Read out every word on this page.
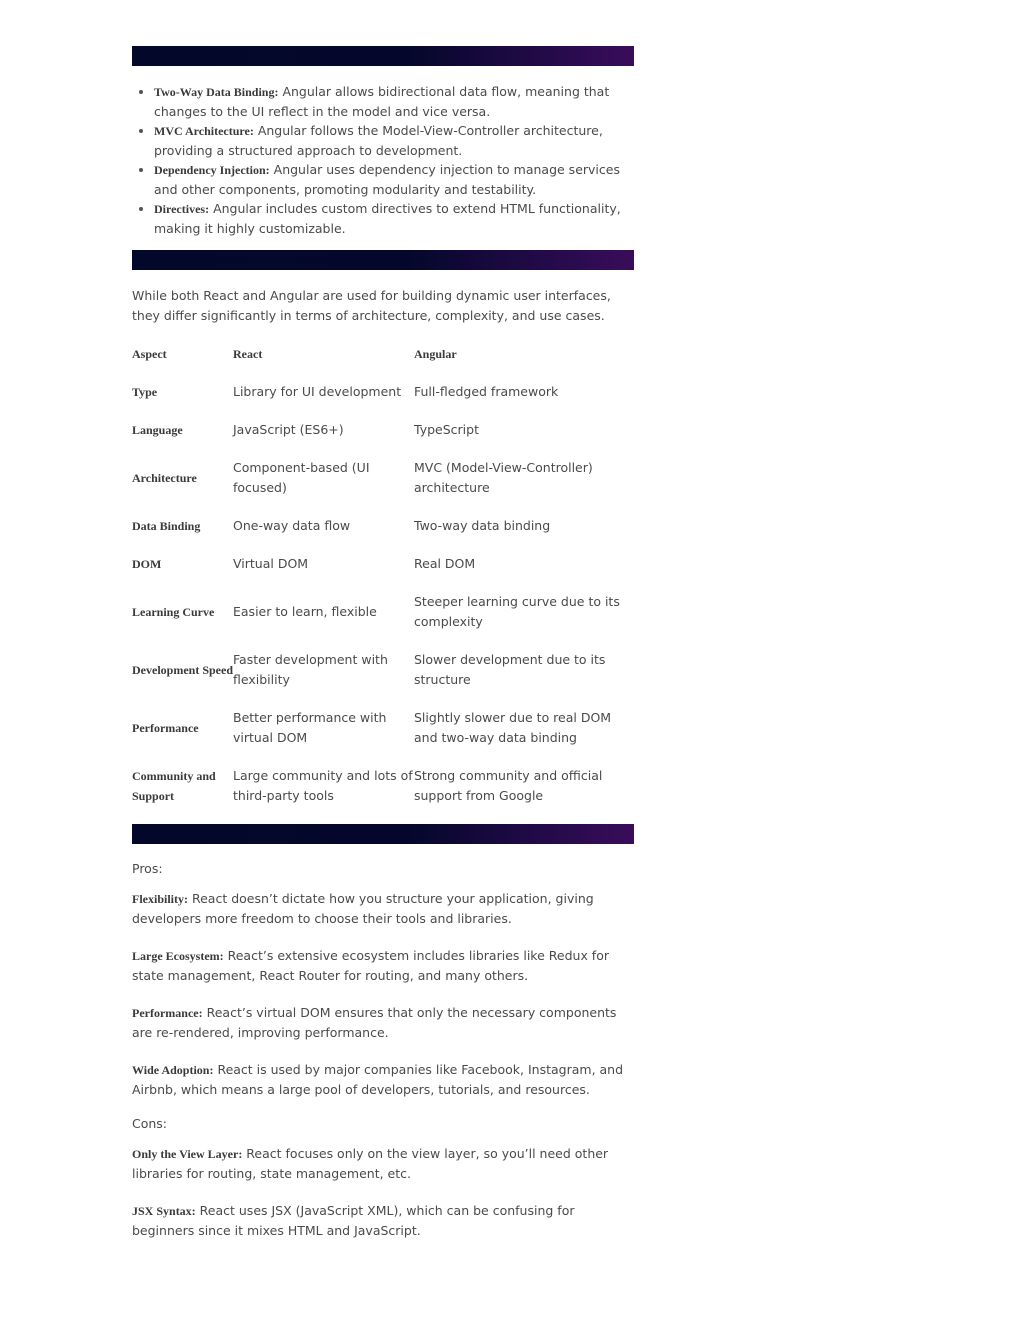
• Two-Way Data Binding: Angular allows bidirectional data flow, meaning that changes to the UI reflect in the model and vice versa.
• MVC Architecture: Angular follows the Model-View-Controller architecture, providing a structured approach to development.
• Dependency Injection: Angular uses dependency injection to manage services and other components, promoting modularity and testability.
• Directives: Angular includes custom directives to extend HTML functionality, making it highly customizable.

While both React and Angular are used for building dynamic user interfaces, they differ significantly in terms of architecture, complexity, and use cases.

Aspect	React	Angular
Type	Library for UI development	Full-fledged framework
Language	JavaScript (ES6+)	TypeScript
Architecture	Component-based (UI focused)	MVC (Model-View-Controller) architecture
Data Binding	One-way data flow	Two-way data binding
DOM	Virtual DOM	Real DOM
Learning Curve	Easier to learn, flexible	Steeper learning curve due to its complexity
Development Speed	Faster development with flexibility	Slower development due to its structure
Performance	Better performance with virtual DOM	Slightly slower due to real DOM and two-way data binding
Community and Support	Large community and lots of third-party tools	Strong community and official support from Google

Pros:

Flexibility: React doesn’t dictate how you structure your application, giving developers more freedom to choose their tools and libraries.

Large Ecosystem: React’s extensive ecosystem includes libraries like Redux for state management, React Router for routing, and many others.

Performance: React’s virtual DOM ensures that only the necessary components are re-rendered, improving performance.

Wide Adoption: React is used by major companies like Facebook, Instagram, and Airbnb, which means a large pool of developers, tutorials, and resources.

Cons:

Only the View Layer: React focuses only on the view layer, so you’ll need other libraries for routing, state management, etc.

JSX Syntax: React uses JSX (JavaScript XML), which can be confusing for beginners since it mixes HTML and JavaScript.
